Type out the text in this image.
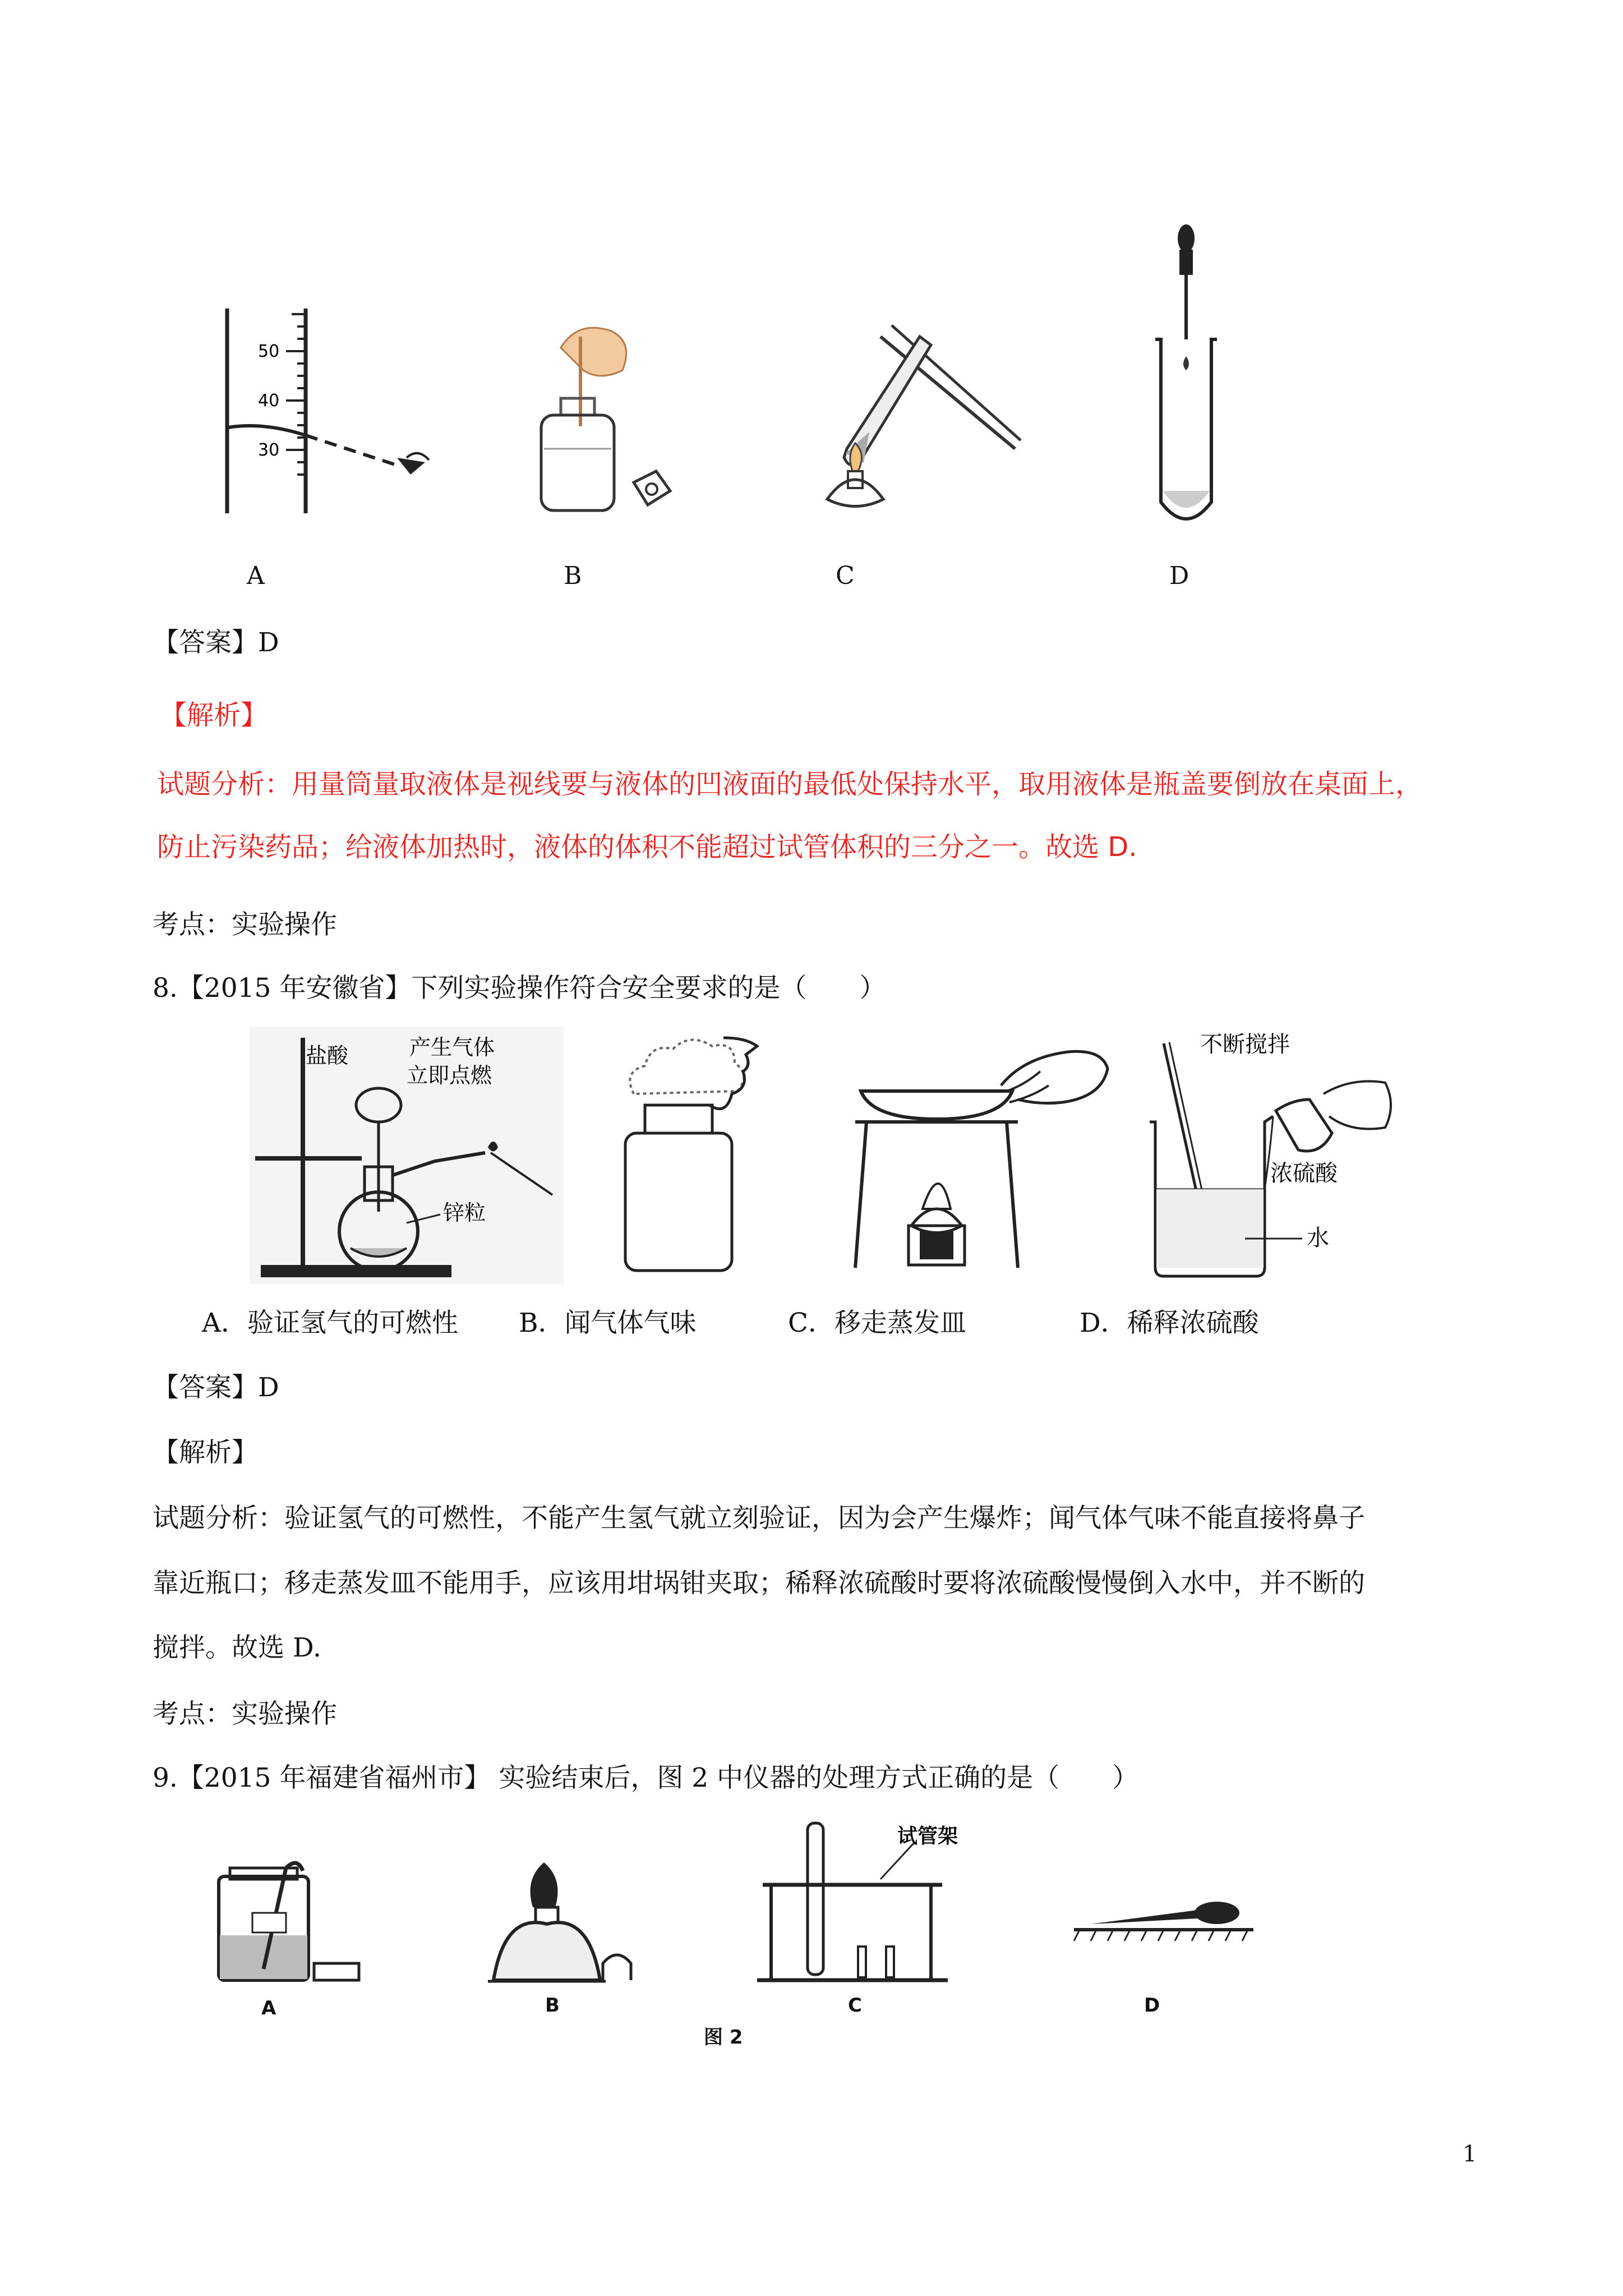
50
40
30
A	B	C	D
【答案】D
【解析】
试题分析：用量筒量取液体是视线要与液体的凹液面的最低处保持水平，取用液体是瓶盖要倒放在桌面上，
防止污染药品；给液体加热时，液体的体积不能超过试管体积的三分之一。故选 D.
考点：实验操作
8.【2015 年安徽省】下列实验操作符合安全要求的是（　　）
盐酸	产生气体
立即点燃
锌粒
不断搅拌
浓硫酸
水
A．验证氢气的可燃性 B．闻气体气味	C．移走蒸发皿	D．稀释浓硫酸
【答案】D
【解析】
试题分析：验证氢气的可燃性，不能产生氢气就立刻验证，因为会产生爆炸；闻气体气味不能直接将鼻子
靠近瓶口；移走蒸发皿不能用手，应该用坩埚钳夹取；稀释浓硫酸时要将浓硫酸慢慢倒入水中，并不断的
搅拌。故选 D.
考点：实验操作
9.【2015 年福建省福州市】 实验结束后，图 2 中仪器的处理方式正确的是（　　）
试管架
A	B	C	D
图 2
1
